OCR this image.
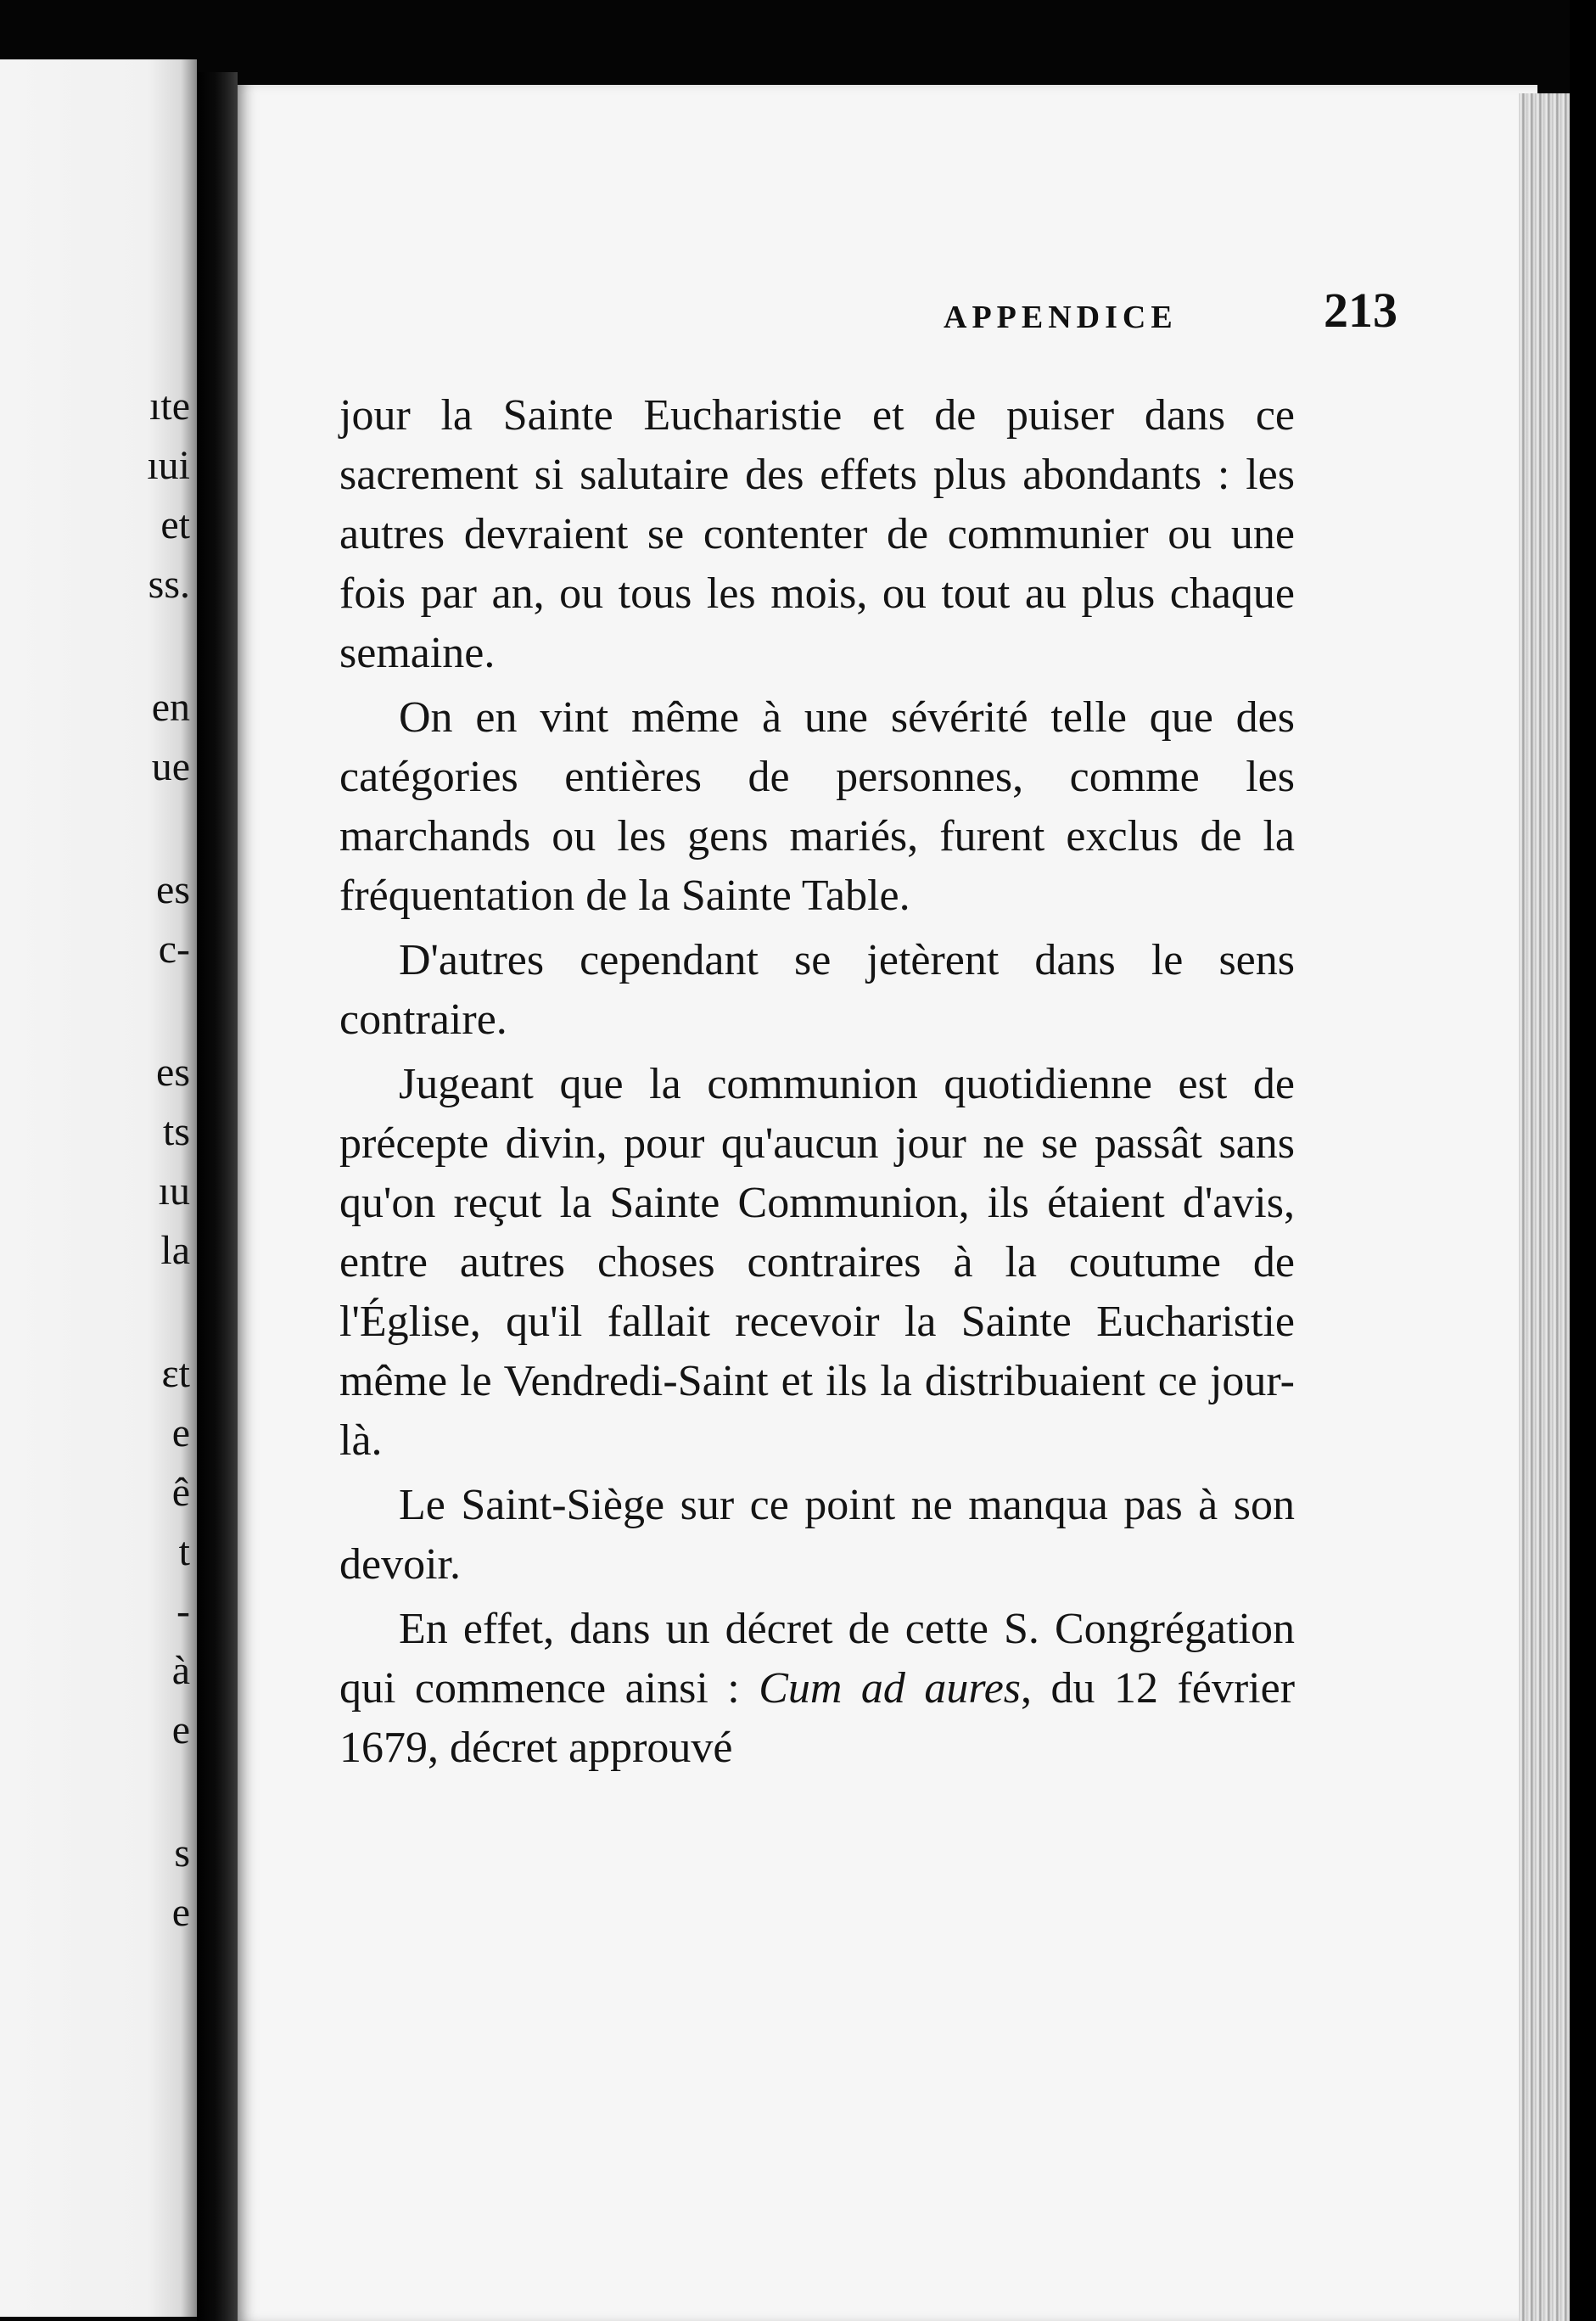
ıte
ıui
et
ss.
en
ue
es
c-
es
ts
ıu
la
ɛt
e
ê
t
-
à
e
s
e
APPENDICE	213

jour la Sainte Eucharistie et de puiser dans ce sacrement si salutaire des effets plus abondants : les autres devraient se contenter de communier ou une fois par an, ou tous les mois, ou tout au plus chaque semaine.

On en vint même à une sévérité telle que des catégories entières de personnes, comme les marchands ou les gens mariés, furent exclus de la fréquentation de la Sainte Table.

D'autres cependant se jetèrent dans le sens contraire.

Jugeant que la communion quotidienne est de précepte divin, pour qu'aucun jour ne se passât sans qu'on reçut la Sainte Communion, ils étaient d'avis, entre autres choses contraires à la coutume de l'Église, qu'il fallait recevoir la Sainte Eucharistie même le Vendredi-Saint et ils la distribuaient ce jour-là.

Le Saint-Siège sur ce point ne manqua pas à son devoir.

En effet, dans un décret de cette S. Congrégation qui commence ainsi : Cum ad aures, du 12 février 1679, décret approuvé
